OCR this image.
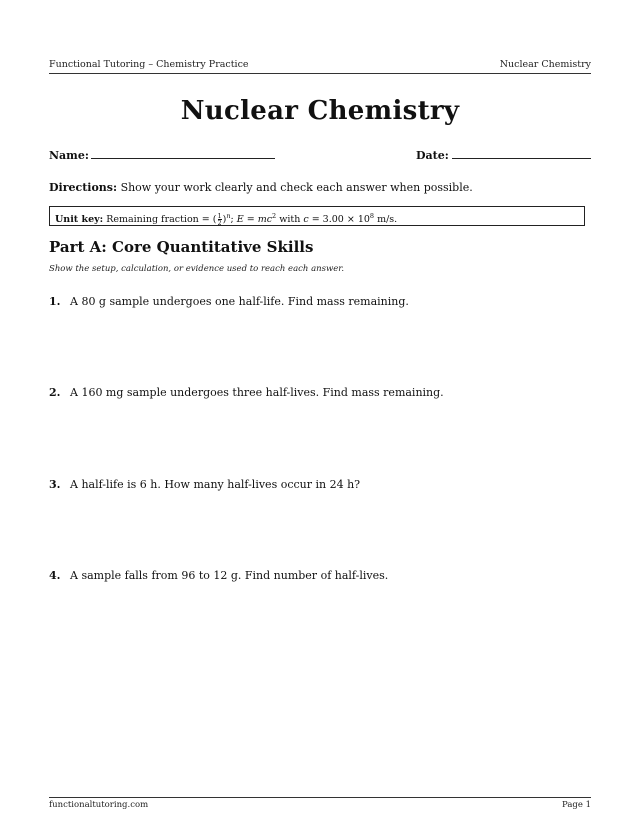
Functional Tutoring – Chemistry Practice	Nuclear Chemistry
Nuclear Chemistry
Name:	Date:
Directions: Show your work clearly and check each answer when possible.
Unit key: Remaining fraction = ( $\frac{1}{2} )^n$; $E = mc^2$ with $c = 3.00 \times 10^8$ m/s.
Part A: Core Quantitative Skills
Show the setup, calculation, or evidence used to reach each answer.
1. A 80 g sample undergoes one half-life. Find mass remaining.
2. A 160 mg sample undergoes three half-lives. Find mass remaining.
3. A half-life is 6 h. How many half-lives occur in 24 h?
4. A sample falls from 96 to 12 g. Find number of half-lives.
functionaltutoring.com	Page 1
